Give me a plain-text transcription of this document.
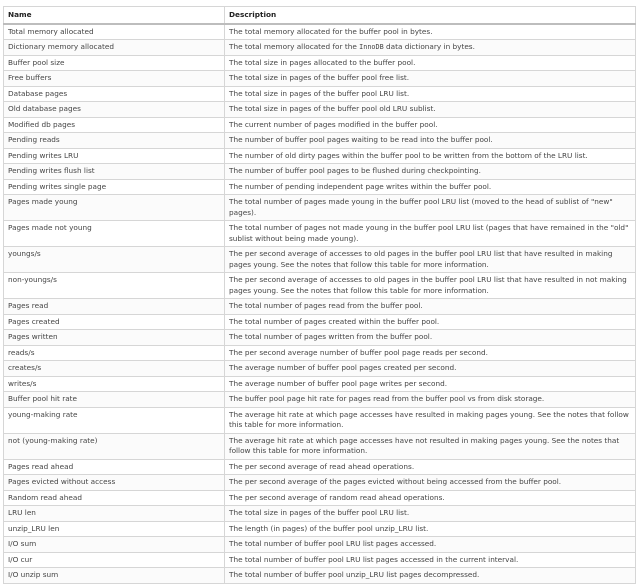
Name	Description
Total memory allocated	The total memory allocated for the buffer pool in bytes.
Dictionary memory allocated	The total memory allocated for the InnoDB data dictionary in bytes.
Buffer pool size	The total size in pages allocated to the buffer pool.
Free buffers	The total size in pages of the buffer pool free list.
Database pages	The total size in pages of the buffer pool LRU list.
Old database pages	The total size in pages of the buffer pool old LRU sublist.
Modified db pages	The current number of pages modified in the buffer pool.
Pending reads	The number of buffer pool pages waiting to be read into the buffer pool.
Pending writes LRU	The number of old dirty pages within the buffer pool to be written from the bottom of the LRU list.
Pending writes flush list	The number of buffer pool pages to be flushed during checkpointing.
Pending writes single page	The number of pending independent page writes within the buffer pool.
Pages made young	The total number of pages made young in the buffer pool LRU list (moved to the head of sublist of "new" pages).
Pages made not young	The total number of pages not made young in the buffer pool LRU list (pages that have remained in the "old" sublist without being made young).
youngs/s	The per second average of accesses to old pages in the buffer pool LRU list that have resulted in making pages young. See the notes that follow this table for more information.
non-youngs/s	The per second average of accesses to old pages in the buffer pool LRU list that have resulted in not making pages young. See the notes that follow this table for more information.
Pages read	The total number of pages read from the buffer pool.
Pages created	The total number of pages created within the buffer pool.
Pages written	The total number of pages written from the buffer pool.
reads/s	The per second average number of buffer pool page reads per second.
creates/s	The average number of buffer pool pages created per second.
writes/s	The average number of buffer pool page writes per second.
Buffer pool hit rate	The buffer pool page hit rate for pages read from the buffer pool vs from disk storage.
young-making rate	The average hit rate at which page accesses have resulted in making pages young. See the notes that follow this table for more information.
not (young-making rate)	The average hit rate at which page accesses have not resulted in making pages young. See the notes that follow this table for more information.
Pages read ahead	The per second average of read ahead operations.
Pages evicted without access	The per second average of the pages evicted without being accessed from the buffer pool.
Random read ahead	The per second average of random read ahead operations.
LRU len	The total size in pages of the buffer pool LRU list.
unzip_LRU len	The length (in pages) of the buffer pool unzip_LRU list.
I/O sum	The total number of buffer pool LRU list pages accessed.
I/O cur	The total number of buffer pool LRU list pages accessed in the current interval.
I/O unzip sum	The total number of buffer pool unzip_LRU list pages decompressed.
